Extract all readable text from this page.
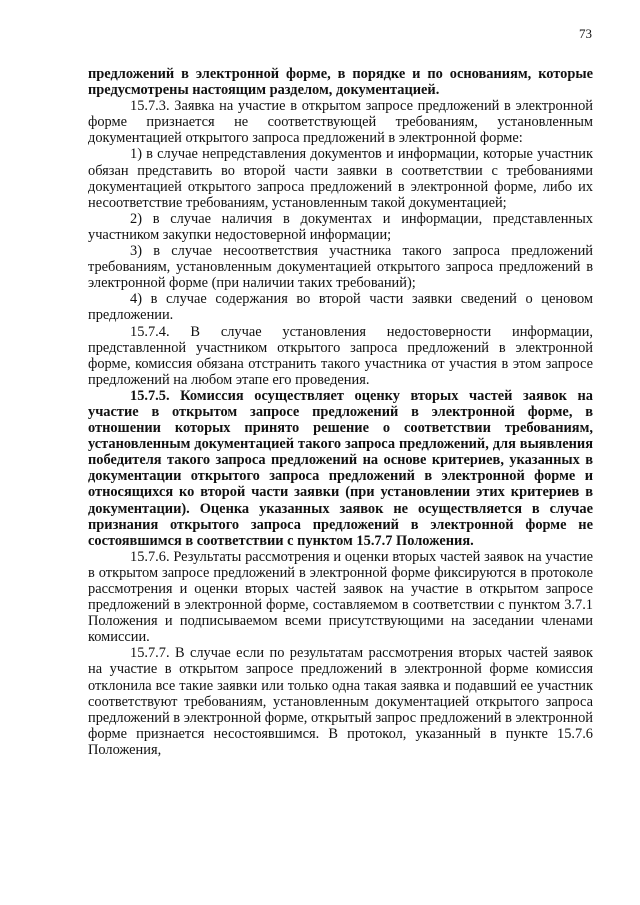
73

предложений в электронной форме, в порядке и по основаниям, которые предусмотрены настоящим разделом, документацией.

15.7.3. Заявка на участие в открытом запросе предложений в электронной форме признается не соответствующей требованиям, установленным документацией открытого запроса предложений в электронной форме:

1) в случае непредставления документов и информации, которые участник обязан представить во второй части заявки в соответствии с требованиями документацией открытого запроса предложений в электронной форме, либо их несоответствие требованиям, установленным такой документацией;

2) в случае наличия в документах и информации, представленных участником закупки недостоверной информации;

3) в случае несоответствия участника такого запроса предложений требованиям, установленным документацией открытого запроса предложений в электронной форме (при наличии таких требований);

4) в случае содержания во второй части заявки сведений о ценовом предложении.

15.7.4. В случае установления недостоверности информации, представленной участником открытого запроса предложений в электронной форме, комиссия обязана отстранить такого участника от участия в этом запросе предложений на любом этапе его проведения.

15.7.5. Комиссия осуществляет оценку вторых частей заявок на участие в открытом запросе предложений в электронной форме, в отношении которых принято решение о соответствии требованиям, установленным документацией такого запроса предложений, для выявления победителя такого запроса предложений на основе критериев, указанных в документации открытого запроса предложений в электронной форме и относящихся ко второй части заявки (при установлении этих критериев в документации). Оценка указанных заявок не осуществляется в случае признания открытого запроса предложений в электронной форме не состоявшимся в соответствии с пунктом 15.7.7 Положения.

15.7.6. Результаты рассмотрения и оценки вторых частей заявок на участие в открытом запросе предложений в электронной форме фиксируются в протоколе рассмотрения и оценки вторых частей заявок на участие в открытом запросе предложений в электронной форме, составляемом в соответствии с пунктом 3.7.1 Положения и подписываемом всеми присутствующими на заседании членами комиссии.

15.7.7. В случае если по результатам рассмотрения вторых частей заявок на участие в открытом запросе предложений в электронной форме комиссия отклонила все такие заявки или только одна такая заявка и подавший ее участник соответствуют требованиям, установленным документацией открытого запроса предложений в электронной форме, открытый запрос предложений в электронной форме признается несостоявшимся. В протокол, указанный в пункте 15.7.6 Положения,
